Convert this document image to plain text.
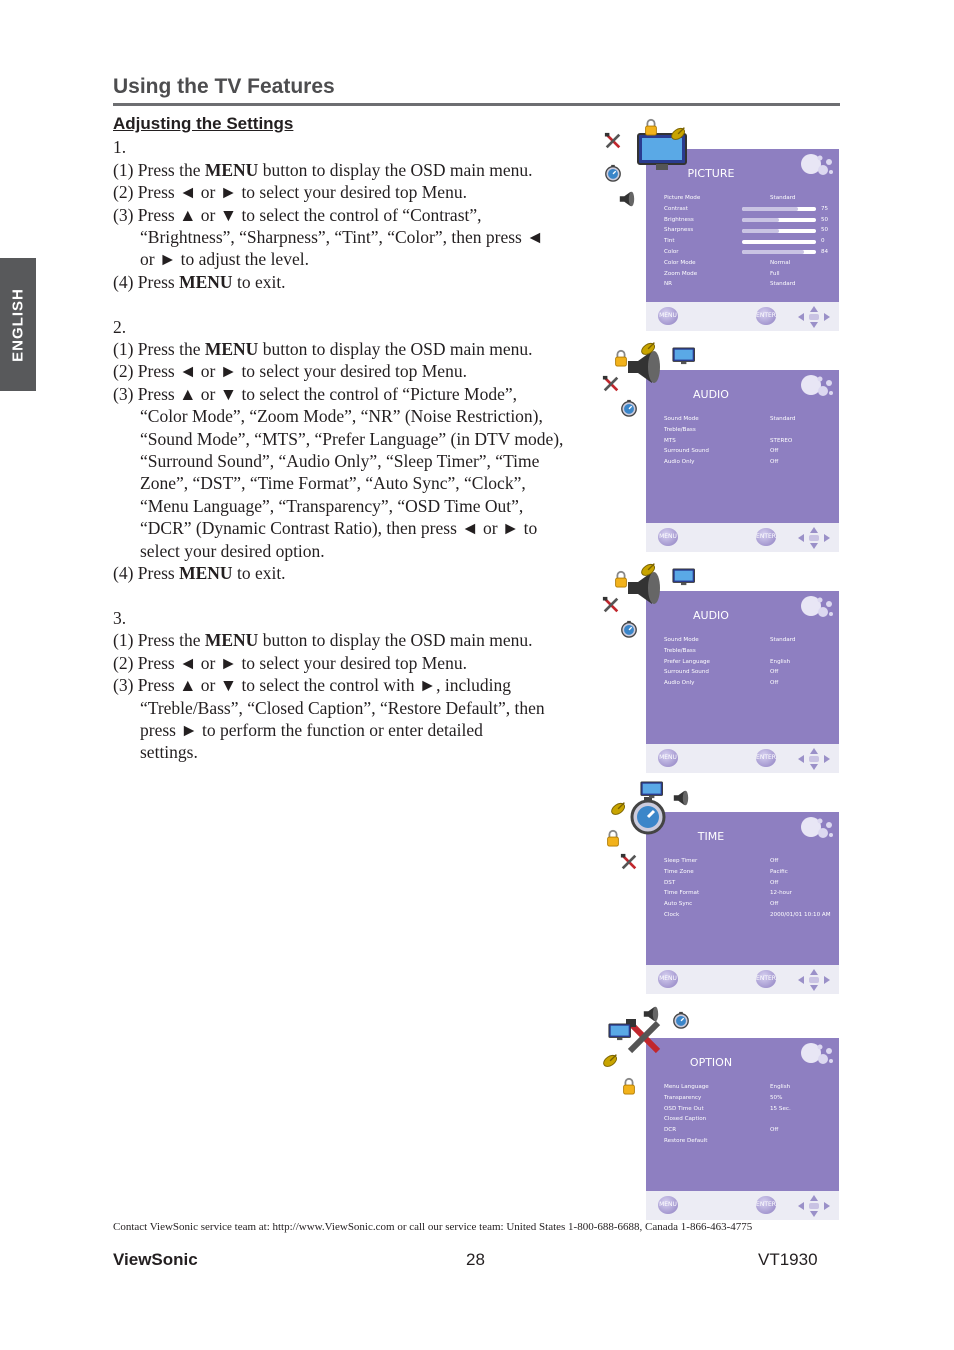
Using the TV Features
ENGLISH
Adjusting the Settings
1.
(1) Press the MENU button to display the OSD main menu.
(2) Press ◄ or ► to select your desired top Menu.
(3) Press ▲ or ▼ to select the control of “Contrast”,
“Brightness”, “Sharpness”, “Tint”, “Color”, then press ◄
or ► to adjust the level.
(4) Press MENU to exit.
2.
(1) Press the MENU button to display the OSD main menu.
(2) Press ◄ or ► to select your desired top Menu.
(3) Press ▲ or ▼ to select the control of “Picture Mode”,
“Color Mode”, “Zoom Mode”, “NR” (Noise Restriction),
“Sound Mode”, “MTS”, “Prefer Language” (in DTV mode),
“Surround Sound”, “Audio Only”, “Sleep Timer”, “Time
Zone”, “DST”, “Time Format”, “Auto Sync”, “Clock”,
“Menu Language”, “Transparency”, “OSD Time Out”,
“DCR” (Dynamic Contrast Ratio), then press ◄ or ► to
select your desired option.
(4) Press MENU to exit.
3.
(1) Press the MENU button to display the OSD main menu.
(2) Press ◄ or ► to select your desired top Menu.
(3) Press ▲ or ▼ to select the control with ►, including
“Treble/Bass”, “Closed Caption”, “Restore Default”, then
press ► to perform the function or enter detailed
settings.
PICTURE
Picture Mode	Standard
Contrast	75
Brightness	50
Sharpness	50
Tint	0
Color	84
Color Mode	Normal
Zoom Mode	Full
NR	Standard
MENU	ENTER
AUDIO
Sound Mode	Standard
Treble/Bass
MTS	STEREO
Surround Sound	Off
Audio Only	Off
MENU	ENTER
AUDIO
Sound Mode	Standard
Treble/Bass
Prefer Language	English
Surround Sound	Off
Audio Only	Off
MENU	ENTER
TIME
Sleep Timer	Off
Time Zone	Pacific
DST	Off
Time Format	12-hour
Auto Sync	Off
Clock	2000/01/01 10:10 AM
MENU	ENTER
OPTION
Menu Language	English
Transparency	50%
OSD Time Out	15 Sec.
Closed Caption
DCR	Off
Restore Default
MENU	ENTER
Contact ViewSonic service team at: http://www.ViewSonic.com or call our service team: United States 1-800-688-6688, Canada 1-866-463-4775
ViewSonic	28	VT1930
